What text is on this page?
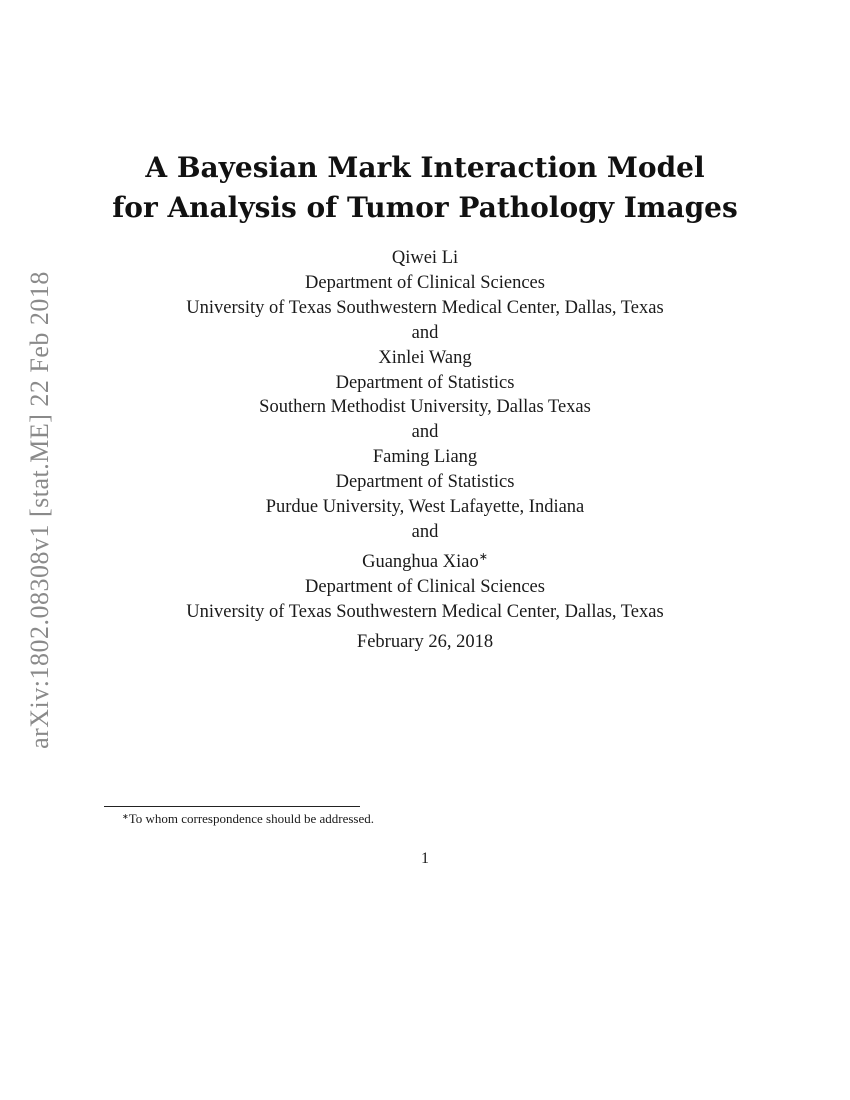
arXiv:1802.08308v1 [stat.ME] 22 Feb 2018

A Bayesian Mark Interaction Model

for Analysis of Tumor Pathology Images

Qiwei Li
Department of Clinical Sciences
University of Texas Southwestern Medical Center, Dallas, Texas
and
Xinlei Wang
Department of Statistics
Southern Methodist University, Dallas Texas
and
Faming Liang
Department of Statistics
Purdue University, West Lafayette, Indiana
and
Guanghua Xiao∗
Department of Clinical Sciences
University of Texas Southwestern Medical Center, Dallas, Texas
February 26, 2018
∗To whom correspondence should be addressed.
1
